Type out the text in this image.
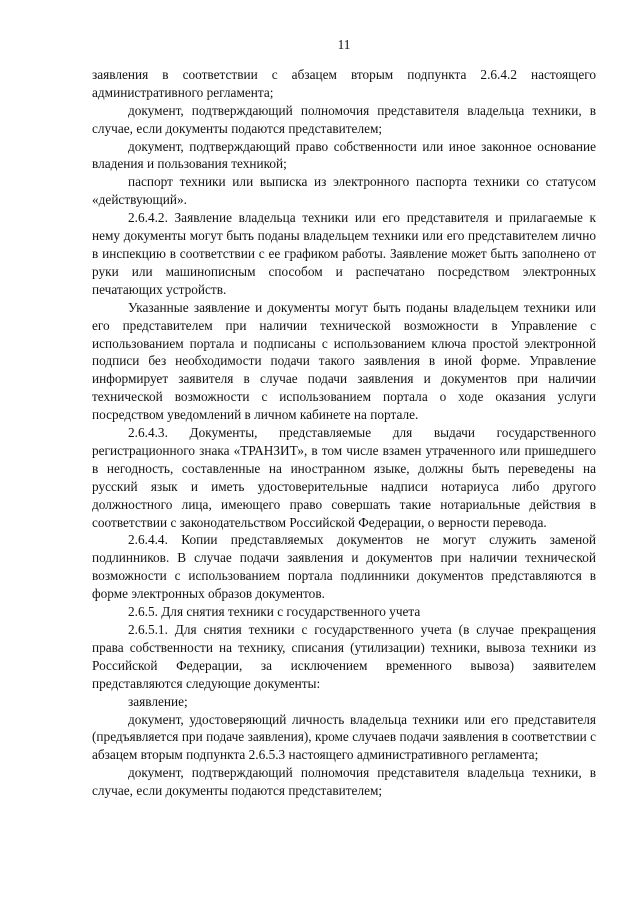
11

заявления в соответствии с абзацем вторым подпункта 2.6.4.2 настоящего административного регламента;

документ, подтверждающий полномочия представителя владельца техники, в случае, если документы подаются представителем;

документ, подтверждающий право собственности или иное законное основание владения и пользования техникой;

паспорт техники или выписка из электронного паспорта техники со статусом «действующий».

2.6.4.2. Заявление владельца техники или его представителя и прилагаемые к нему документы могут быть поданы владельцем техники или его представителем лично в инспекцию в соответствии с ее графиком работы. Заявление может быть заполнено от руки или машинописным способом и распечатано посредством электронных печатающих устройств.

Указанные заявление и документы могут быть поданы владельцем техники или его представителем при наличии технической возможности в Управление с использованием портала и подписаны с использованием ключа простой электронной подписи без необходимости подачи такого заявления в иной форме. Управление информирует заявителя в случае подачи заявления и документов при наличии технической возможности с использованием портала о ходе оказания услуги посредством уведомлений в личном кабинете на портале.

2.6.4.3. Документы, представляемые для выдачи государственного регистрационного знака «ТРАНЗИТ», в том числе взамен утраченного или пришедшего в негодность, составленные на иностранном языке, должны быть переведены на русский язык и иметь удостоверительные надписи нотариуса либо другого должностного лица, имеющего право совершать такие нотариальные действия в соответствии с законодательством Российской Федерации, о верности перевода.

2.6.4.4. Копии представляемых документов не могут служить заменой подлинников. В случае подачи заявления и документов при наличии технической возможности с использованием портала подлинники документов представляются в форме электронных образов документов.

2.6.5. Для снятия техники с государственного учета

2.6.5.1. Для снятия техники с государственного учета (в случае прекращения права собственности на технику, списания (утилизации) техники, вывоза техники из Российской Федерации, за исключением временного вывоза) заявителем представляются следующие документы:

заявление;

документ, удостоверяющий личность владельца техники или его представителя (предъявляется при подаче заявления), кроме случаев подачи заявления в соответствии с абзацем вторым подпункта 2.6.5.3 настоящего административного регламента;

документ, подтверждающий полномочия представителя владельца техники, в случае, если документы подаются представителем;
